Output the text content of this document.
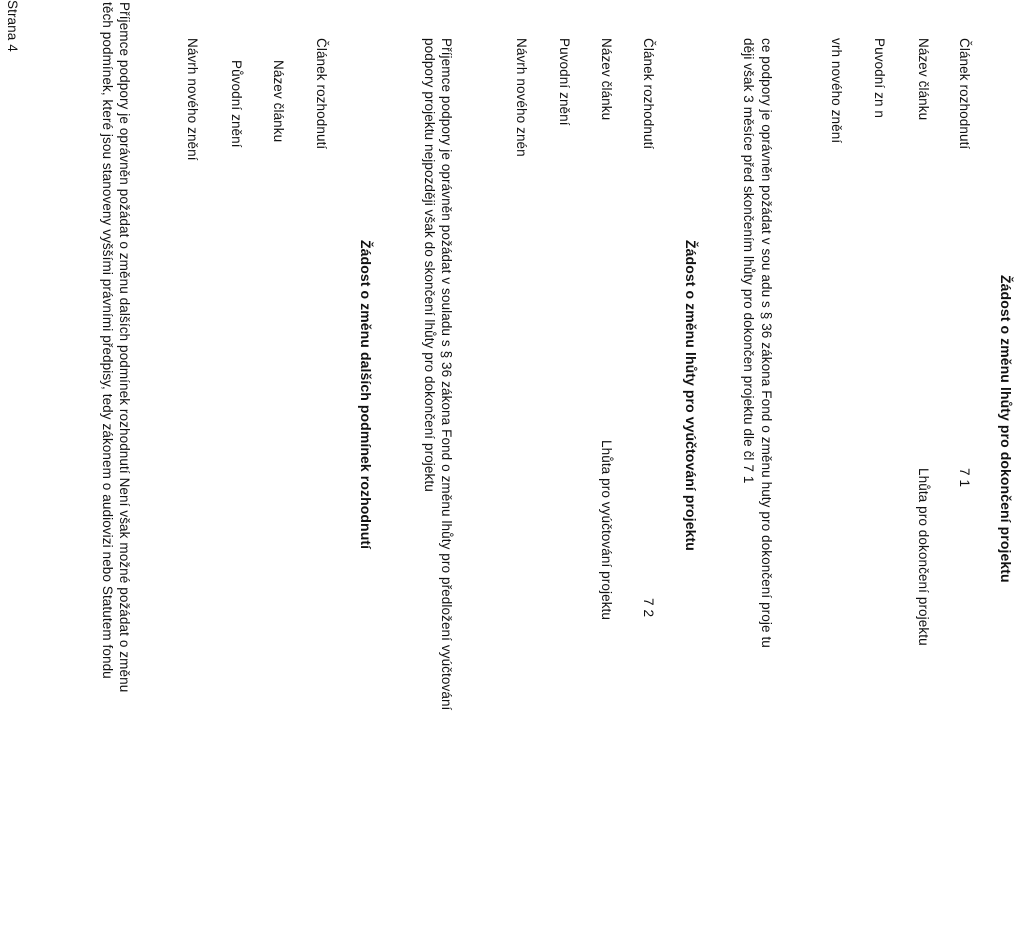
Žádost o změnu lhůty pro dokončení projektu
Článek rozhodnutí
7 1
Název článku
Lhůta pro dokončení projektu
Puvodní zn n
vrh nového znění
ce podpory je oprávněn požádat v sou adu s § 36 zákona Fond o změnu huty pro dokončení proje tu
ději však 3 měsíce před skončením lhůty pro dokončen projektu dle čl 7 1
Žádost o změnu lhůty pro vyúčtování projektu
Článek rozhodnutí
7 2
Název článku
Lhůta pro vyúčtování projektu
Puvodní znění
Návrh nového znén
Příjemce podpory je oprávněn požádat v souladu s § 36 zákona Fond o změnu lhůty pro předložení vyúčtování
podpory projektu nejpozději však do skončení lhůty pro dokončení projektu
Žádost o změnu dalších podmínek rozhodnutí
Článek rozhodnutí
Název článku
Původní znění
Návrh nového znění
Příjemce podpory je oprávněn požádat o změnu dalších podmínek rozhodnutí Není však možné požádat o změnu
těch podmínek, které jsou stanoveny vyššími právními předpisy, tedy zákonem o audiovizi nebo Statutem fondu
Strana 4
